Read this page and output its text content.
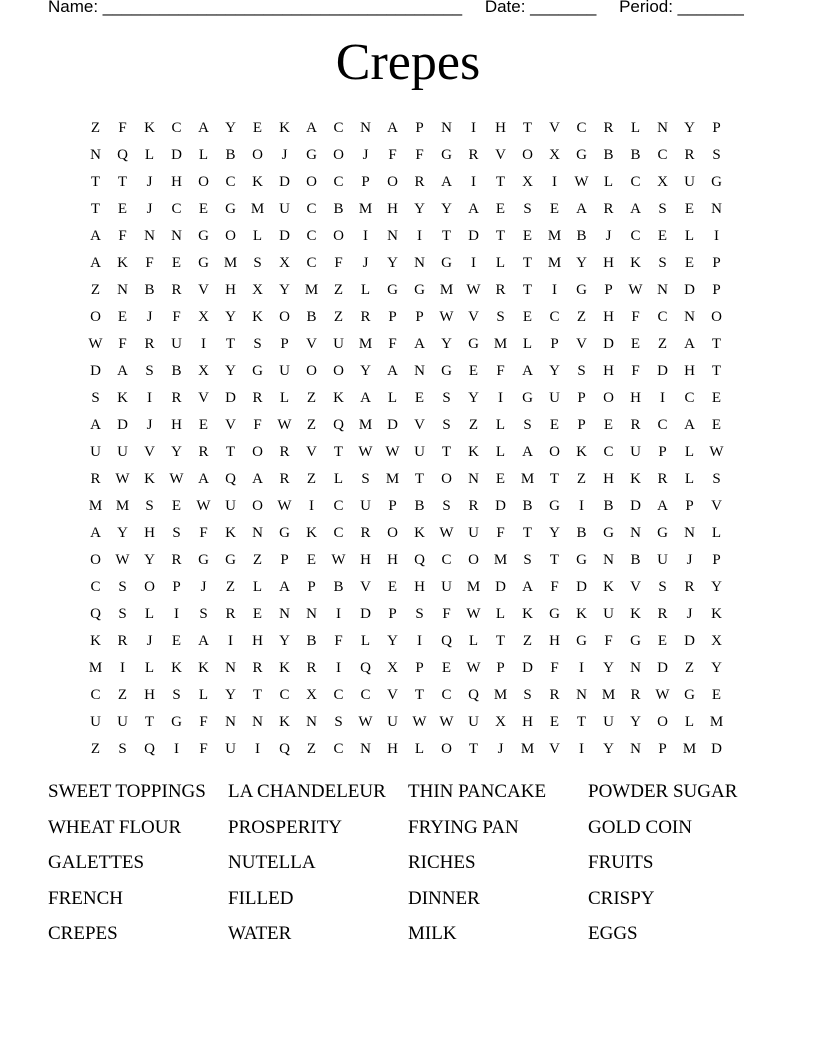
Name: ______________________________________ Date: _______ Period: _______
Crepes
Z	F	K	C	A	Y	E	K	A	C	N	A	P	N	I	H	T	V	C	R	L	N	Y	P
N	Q	L	D	L	B	O	J	G	O	J	F	F	G	R	V	O	X	G	B	B	C	R	S
T	T	J	H	O	C	K	D	O	C	P	O	R	A	I	T	X	I	W	L	C	X	U	G
T	E	J	C	E	G M U	C	B	M H	Y	Y	A	E	S	E	A	R	A	S	E	N
A	F	N	N	G	O	L	D	C	O	I	N	I	T	D	T	E	M	B	J	C	E	L	I
A	K	F	E	G M	S	X	C	F	J	Y	N	G	I	L	T	M Y	H	K	S	E	P
Z	N	B	R	V	H	X	Y M	Z	L	G	G M W R	T	I	G	P	W N	D	P
O	E	J	F	X	Y	K	O	B	Z	R	P	P	W V	S	E	C	Z	H	F	C	N	O
W	F	R	U	I	T	S	P	V	U M	F	A	Y	G M	L	P	V	D	E	Z	A	T
D	A	S	B	X	Y	G	U	O	O	Y	A	N	G	E	F	A	Y	S	H	F	D	H	T
S	K	I	R	V	D	R	L	Z	K	A	L	E	S	Y	I	G	U	P	O	H	I	C	E
A	D	J	H	E	V	F	W	Z	Q M D	V	S	Z	L	S	E	P	E	R	C	A	E
U	U	V	Y	R	T	O	R	V	T	W W U	T	K	L	A	O	K	C	U	P	L	W
R W K W A	Q	A	R	Z	L	S	M	T	O	N	E	M	T	Z	H	K	R	L	S
M M	S	E	W U	O W	I	C	U	P	B	S	R	D	B	G	I	B	D	A	P	V
A	Y	H	S	F	K	N	G	K	C	R	O	K W U	F	T	Y	B	G	N	G	N	L
O W Y	R	G	G	Z	P	E	W H	H	Q	C	O M	S	T	G	N	B	U	J	P
C	S	O	P	J	Z	L	A	P	B	V	E	H	U M D	A	F	D	K	V	S	R	Y
Q	S	L	I	S	R	E	N	N	I	D	P	S	F	W	L	K	G	K	U	K	R	J	K
K	R	J	E	A	I	H	Y	B	F	L	Y	I	Q	L	T	Z	H	G	F	G	E	D	X
M	I	L	K	K	N	R	K	R	I	Q	X	P	E	W	P	D	F	I	Y	N	D	Z	Y
C	Z	H	S	L	Y	T	C	X	C	C	V	T	C	Q M	S	R	N M	R W G	E
U	U	T	G	F	N	N	K	N	S	W U W W U	X	H	E	T	U	Y	O	L	M
Z	S	Q	I	F	U	I	Q	Z	C	N	H	L	O	T	J	M V	I	Y	N	P	M D
SWEET TOPPINGS	LA CHANDELEUR	THIN PANCAKE	POWDER SUGAR
WHEAT FLOUR	PROSPERITY	FRYING PAN	GOLD COIN
GALETTES	NUTELLA	RICHES	FRUITS
FRENCH	FILLED	DINNER	CRISPY
CREPES	WATER	MILK	EGGS
